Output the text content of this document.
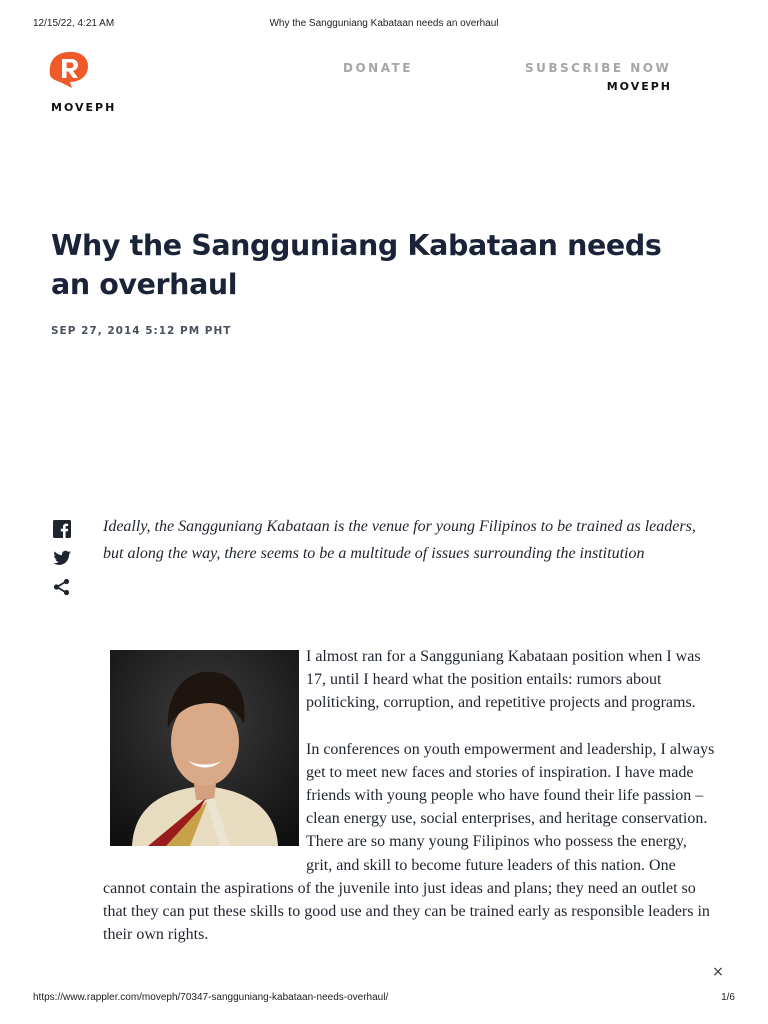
12/15/22, 4:21 AM	Why the Sangguniang Kabataan needs an overhaul
MOVEPH
DONATE	SUBSCRIBE NOW
MOVEPH
Why the Sangguniang Kabataan needs an overhaul
SEP 27, 2014 5:12 PM PHT

Ideally, the Sangguniang Kabataan is the venue for young Filipinos to be trained as leaders, but along the way, there seems to be a multitude of issues surrounding the institution

I almost ran for a Sangguniang Kabataan position when I was 17, until I heard what the position entails: rumors about politicking, corruption, and repetitive projects and programs.

In conferences on youth empowerment and leadership, I always get to meet new faces and stories of inspiration. I have made friends with young people who have found their life passion – clean energy use, social enterprises, and heritage conservation. There are so many young Filipinos who possess the energy, grit, and skill to become future leaders of this nation. One cannot contain the aspirations of the juvenile into just ideas and plans; they need an outlet so that they can put these skills to good use and they can be trained early as responsible leaders in their own rights.

×
https://www.rappler.com/moveph/70347-sangguniang-kabataan-needs-overhaul/	1/6
